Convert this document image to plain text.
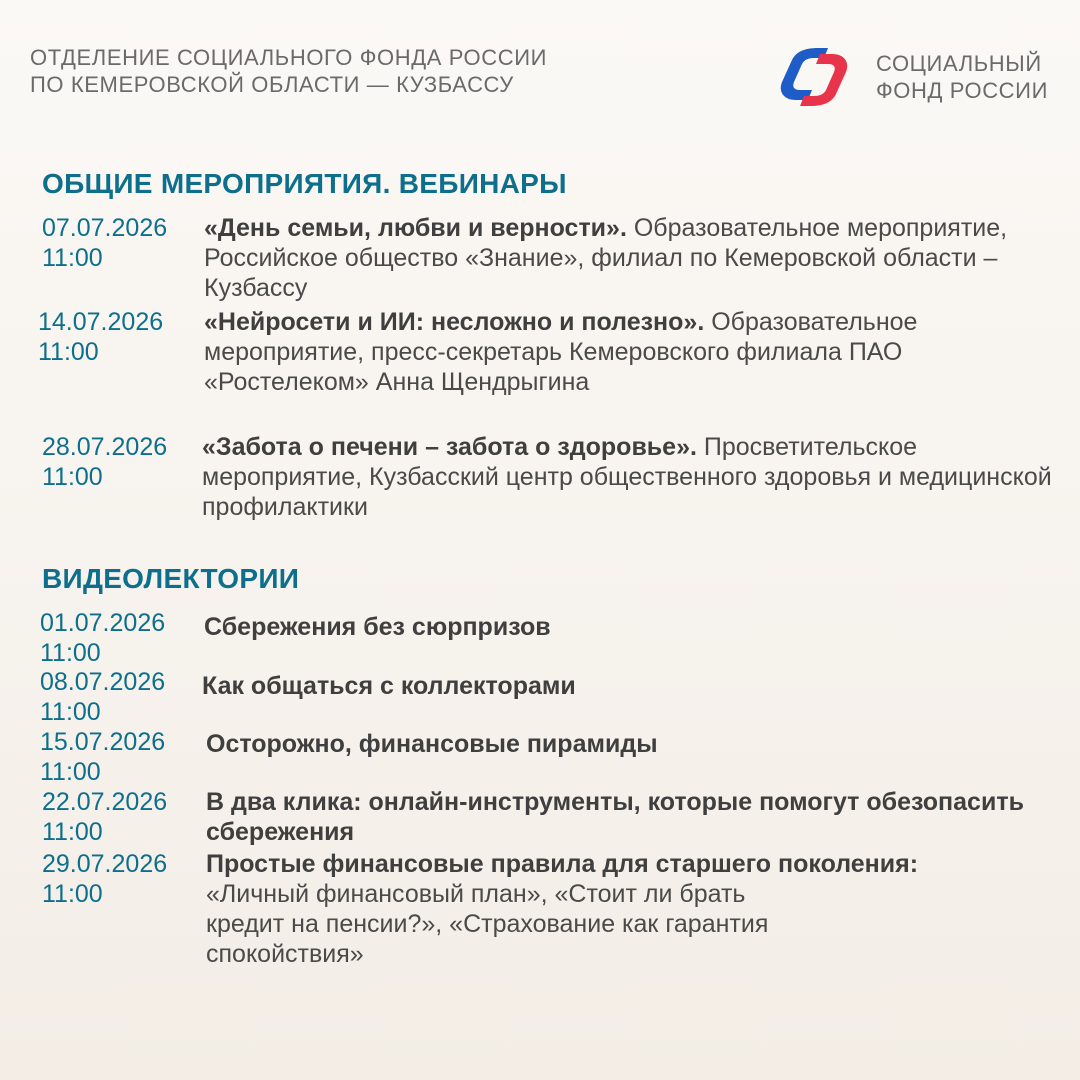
ОТДЕЛЕНИЕ СОЦИАЛЬНОГО ФОНДА РОССИИ
ПО КЕМЕРОВСКОЙ ОБЛАСТИ — КУЗБАССУ
СОЦИАЛЬНЫЙ
ФОНД РОССИИ
ОБЩИЕ МЕРОПРИЯТИЯ. ВЕБИНАРЫ
07.07.2026
11:00
«День семьи, любви и верности». Образовательное мероприятие, Российское общество «Знание», филиал по Кемеровской области – Кузбассу
14.07.2026
11:00
«Нейросети и ИИ: несложно и полезно». Образовательное мероприятие, пресс-секретарь Кемеровского филиала ПАО «Ростелеком» Анна Щендрыгина
28.07.2026
11:00
«Забота о печени – забота о здоровье». Просветительское мероприятие, Кузбасский центр общественного здоровья и медицинской профилактики
ВИДЕОЛЕКТОРИИ
01.07.2026
11:00
Сбережения без сюрпризов
08.07.2026
11:00
Как общаться с коллекторами
15.07.2026
11:00
Осторожно, финансовые пирамиды
22.07.2026
11:00
В два клика: онлайн-инструменты, которые помогут обезопасить сбережения
29.07.2026
11:00
Простые финансовые правила для старшего поколения: «Личный финансовый план», «Стоит ли брать кредит на пенсии?», «Страхование как гарантия спокойствия»
